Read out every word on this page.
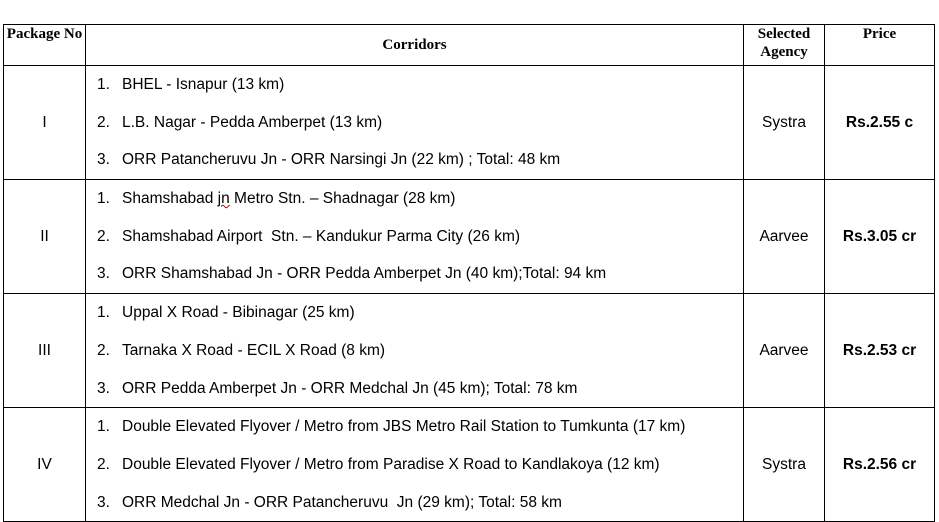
Package No	Corridors	Selected Agency	Price
I	1. BHEL - Isnapur (13 km)
2. L.B. Nagar - Pedda Amberpet (13 km)
3. ORR Patancheruvu Jn - ORR Narsingi Jn (22 km) ; Total: 48 km	Systra	Rs.2.55 c
II	1. Shamshabad jn Metro Stn. – Shadnagar (28 km)
2. Shamshabad Airport  Stn. – Kandukur Parma City (26 km)
3. ORR Shamshabad Jn - ORR Pedda Amberpet Jn (40 km);Total: 94 km	Aarvee	Rs.3.05 cr
III	1. Uppal X Road - Bibinagar (25 km)
2. Tarnaka X Road - ECIL X Road (8 km)
3. ORR Pedda Amberpet Jn - ORR Medchal Jn (45 km); Total: 78 km	Aarvee	Rs.2.53 cr
IV	1. Double Elevated Flyover / Metro from JBS Metro Rail Station to Tumkunta (17 km)
2. Double Elevated Flyover / Metro from Paradise X Road to Kandlakoya (12 km)
3. ORR Medchal Jn - ORR Patancheruvu  Jn (29 km); Total: 58 km	Systra	Rs.2.56 cr
